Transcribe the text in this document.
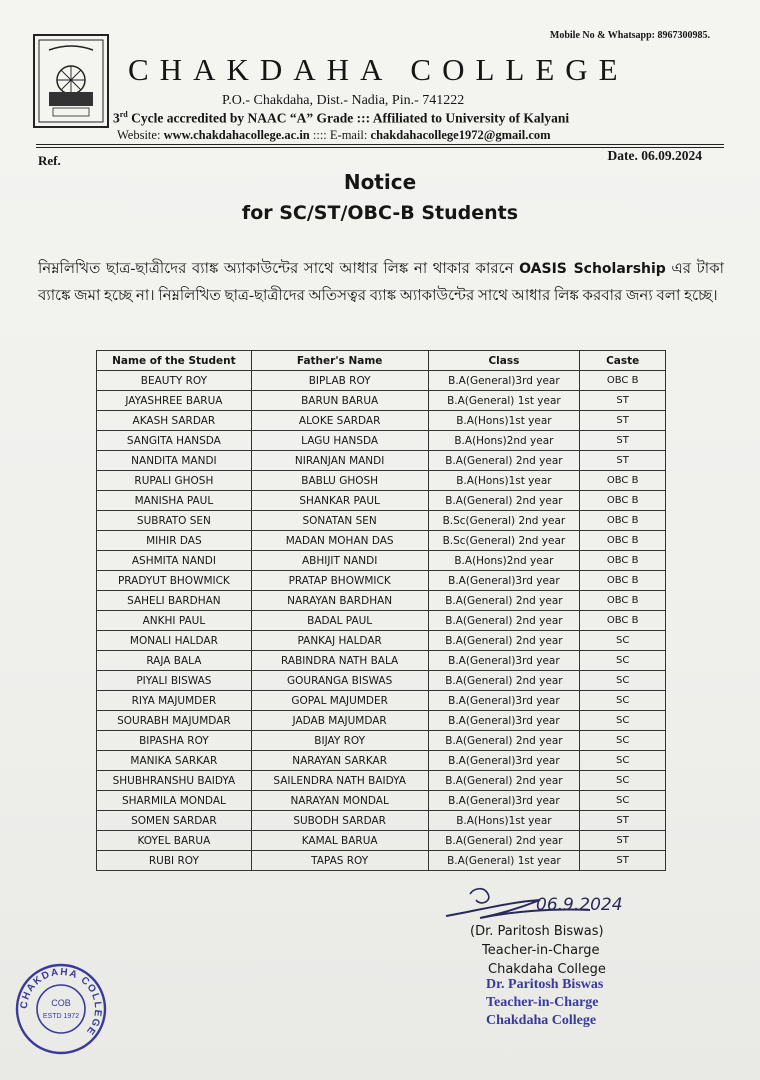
Mobile No & Whatsapp: 8967300985.
CHAKDAHA COLLEGE
P.O.- Chakdaha, Dist.- Nadia, Pin.- 741222
3rd Cycle accredited by NAAC “A” Grade ::: Affiliated to University of Kalyani
Website: www.chakdahacollege.ac.in :::: E-mail: chakdahacollege1972@gmail.com
Ref.	Date. 06.09.2024
Notice
for SC/ST/OBC-B Students
নিম্নলিখিত ছাত্র-ছাত্রীদের ব্যাঙ্ক অ্যাকাউন্টের সাথে আধার লিঙ্ক না থাকার কারনে OASIS Scholarship এর টাকা ব্যাঙ্কে জমা হচ্ছে না। নিম্নলিখিত ছাত্র-ছাত্রীদের অতিসত্বর ব্যাঙ্ক অ্যাকাউন্টের সাথে আধার লিঙ্ক করবার জন্য বলা হচ্ছে।
Name of the Student	Father's Name	Class	Caste
BEAUTY ROY	BIPLAB ROY	B.A(General)3rd year	OBC B
JAYASHREE BARUA	BARUN BARUA	B.A(General) 1st year	ST
AKASH SARDAR	ALOKE SARDAR	B.A(Hons)1st year	ST
SANGITA HANSDA	LAGU HANSDA	B.A(Hons)2nd year	ST
NANDITA MANDI	NIRANJAN MANDI	B.A(General) 2nd year	ST
RUPALI GHOSH	BABLU GHOSH	B.A(Hons)1st year	OBC B
MANISHA PAUL	SHANKAR PAUL	B.A(General) 2nd year	OBC B
SUBRATO SEN	SONATAN SEN	B.Sc(General) 2nd year	OBC B
MIHIR DAS	MADAN MOHAN DAS	B.Sc(General) 2nd year	OBC B
ASHMITA NANDI	ABHIJIT NANDI	B.A(Hons)2nd year	OBC B
PRADYUT BHOWMICK	PRATAP BHOWMICK	B.A(General)3rd year	OBC B
SAHELI BARDHAN	NARAYAN BARDHAN	B.A(General) 2nd year	OBC B
ANKHI PAUL	BADAL PAUL	B.A(General) 2nd year	OBC B
MONALI HALDAR	PANKAJ HALDAR	B.A(General) 2nd year	SC
RAJA BALA	RABINDRA NATH BALA	B.A(General)3rd year	SC
PIYALI BISWAS	GOURANGA BISWAS	B.A(General) 2nd year	SC
RIYA MAJUMDER	GOPAL MAJUMDER	B.A(General)3rd year	SC
SOURABH MAJUMDAR	JADAB MAJUMDAR	B.A(General)3rd year	SC
BIPASHA ROY	BIJAY ROY	B.A(General) 2nd year	SC
MANIKA SARKAR	NARAYAN SARKAR	B.A(General)3rd year	SC
SHUBHRANSHU BAIDYA	SAILENDRA NATH BAIDYA	B.A(General) 2nd year	SC
SHARMILA MONDAL	NARAYAN MONDAL	B.A(General)3rd year	SC
SOMEN SARDAR	SUBODH SARDAR	B.A(Hons)1st year	ST
KOYEL BARUA	KAMAL BARUA	B.A(General) 2nd year	ST
RUBI ROY	TAPAS ROY	B.A(General) 1st year	ST
06.9.2024
(Dr. Paritosh Biswas)
Teacher-in-Charge
Chakdaha College
Dr. Paritosh Biswas
Teacher-in-Charge
Chakdaha College
CHAKDAHA COLLEGE
COB
ESTD 1972
